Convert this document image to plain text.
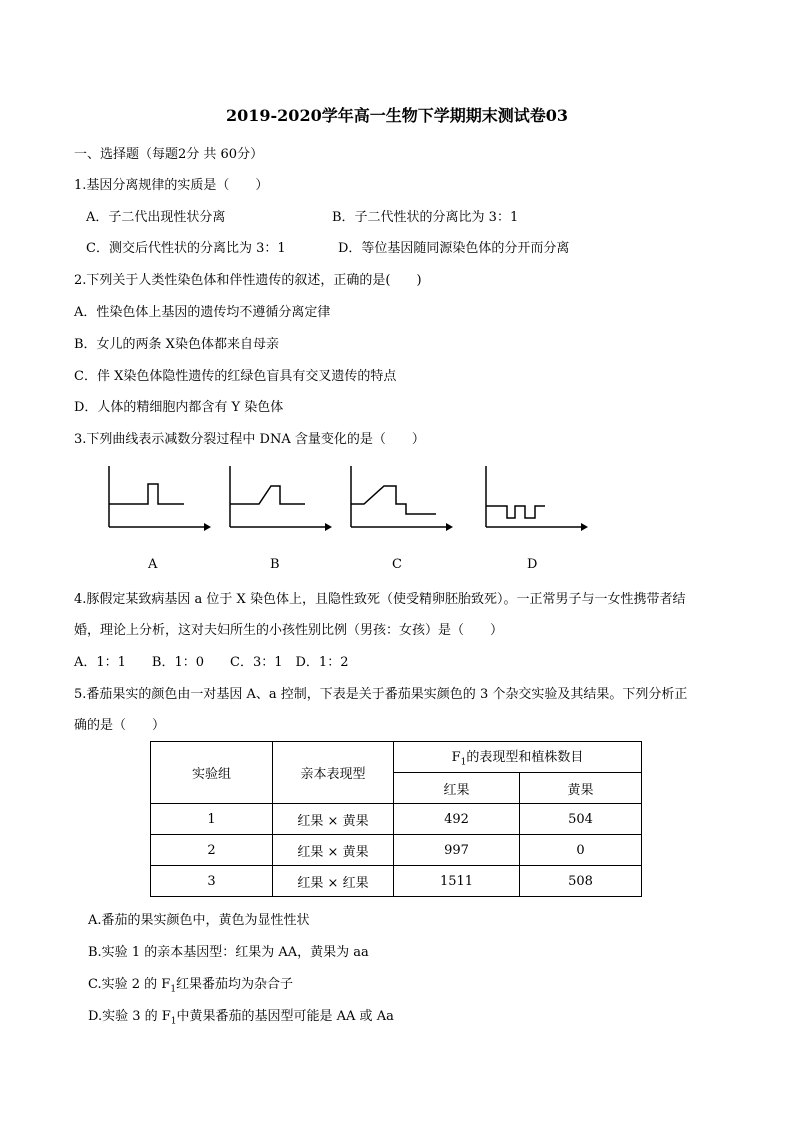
2019-2020学年高一生物下学期期末测试卷03
一、选择题（每题2分 共 60分）
1.基因分离规律的实质是（　　）
A．子二代出现性状分离	B．子二代性状的分离比为 3：1
C．测交后代性状的分离比为 3：1	D．等位基因随同源染色体的分开而分离
2.下列关于人类性染色体和伴性遗传的叙述，正确的是(　　)
A．性染色体上基因的遗传均不遵循分离定律
B．女儿的两条 X染色体都来自母亲
C．伴 X染色体隐性遗传的红绿色盲具有交叉遗传的特点
D．人体的精细胞内都含有 Y 染色体
3.下列曲线表示减数分裂过程中 DNA 含量变化的是（　　）
A	B	C	D
4.豚假定某致病基因 a 位于 X 染色体上，且隐性致死（使受精卵胚胎致死）。一正常男子与一女性携带者结
婚，理论上分析，这对夫妇所生的小孩性别比例（男孩：女孩）是（　　）
A．1：1　　B．1：0　　C．3：1　D．1：2
5.番茄果实的颜色由一对基因 A、a 控制，下表是关于番茄果实颜色的 3 个杂交实验及其结果。下列分析正
确的是（　　）
实验组	亲本表现型	$F_1$的表现型和植株数目	
		红果	黄果
1	红果 × 黄果	492	504
2	红果 × 黄果	997	0
3	红果 × 红果	1511	508
A.番茄的果实颜色中，黄色为显性性状
B.实验 1 的亲本基因型：红果为 AA，黄果为 aa
C.实验 2 的 $F_1$红果番茄均为杂合子
D.实验 3 的 $F_1$中黄果番茄的基因型可能是 AA 或 Aa
